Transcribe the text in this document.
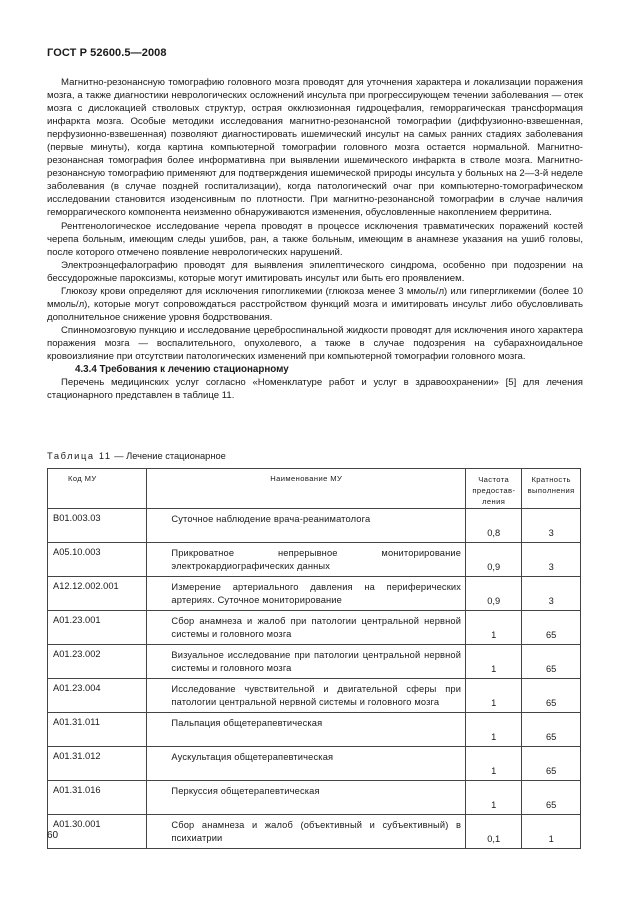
ГОСТ Р 52600.5—2008

Магнитно-резонансную томографию головного мозга проводят для уточнения характера и локализации поражения мозга, а также диагностики неврологических осложнений инсульта при прогрессирующем течении заболевания — отек мозга с дислокацией стволовых структур, острая окклюзионная гидроцефалия, геморрагическая трансформация инфаркта мозга. Особые методики исследования магнитно-резонансной томографии (диффузионно-взвешенная, перфузионно-взвешенная) позволяют диагностировать ишемический инсульт на самых ранних стадиях заболевания (первые минуты), когда картина компьютерной томографии головного мозга остается нормальной. Магнитно-резонансная томография более информативна при выявлении ишемического инфаркта в стволе мозга. Магнитно-резонансную томографию применяют для подтверждения ишемической природы инсульта у больных на 2—3-й неделе заболевания (в случае поздней госпитализации), когда патологический очаг при компьютерно-томографическом исследовании становится изоденсивным по плотности. При магнитно-резонансной томографии в случае наличия геморрагического компонента неизменно обнаруживаются изменения, обусловленные накоплением ферритина.

Рентгенологическое исследование черепа проводят в процессе исключения травматических поражений костей черепа больным, имеющим следы ушибов, ран, а также больным, имеющим в анамнезе указания на ушиб головы, после которого отмечено появление неврологических нарушений.

Электроэнцефалографию проводят для выявления эпилептического синдрома, особенно при подозрении на бессудорожные пароксизмы, которые могут имитировать инсульт или быть его проявлением.

Глюкозу крови определяют для исключения гипогликемии (глюкоза менее 3 ммоль/л) или гипергликемии (более 10 ммоль/л), которые могут сопровождаться расстройством функций мозга и имитировать инсульт либо обусловливать дополнительное снижение уровня бодрствования.

Спинномозговую пункцию и исследование цереброспинальной жидкости проводят для исключения иного характера поражения мозга — воспалительного, опухолевого, а также в случае подозрения на субарахноидальное кровоизлияние при отсутствии патологических изменений при компьютерной томографии головного мозга.

4.3.4 Требования к лечению стационарному

Перечень медицинских услуг согласно «Номенклатуре работ и услуг в здравоохранении» [5] для лечения стационарного представлен в таблице 11.

Таблица 11 — Лечение стационарное
Код МУ	Наименование МУ	Частота предоставления	Кратность выполнения
B01.003.03	Суточное наблюдение врача-реаниматолога	0,8	3
A05.10.003	Прикроватное непрерывное мониторирование электрокардиографических данных	0,9	3
A12.12.002.001	Измерение артериального давления на периферических артериях. Суточное мониторирование	0,9	3
A01.23.001	Сбор анамнеза и жалоб при патологии центральной нервной системы и головного мозга	1	65
A01.23.002	Визуальное исследование при патологии центральной нервной системы и головного мозга	1	65
A01.23.004	Исследование чувствительной и двигательной сферы при патологии центральной нервной системы и головного мозга	1	65
A01.31.011	Пальпация общетерапевтическая	1	65
A01.31.012	Аускультация общетерапевтическая	1	65
A01.31.016	Перкуссия общетерапевтическая	1	65
A01.30.001	Сбор анамнеза и жалоб (объективный и субъективный) в психиатрии	0,1	1
60
